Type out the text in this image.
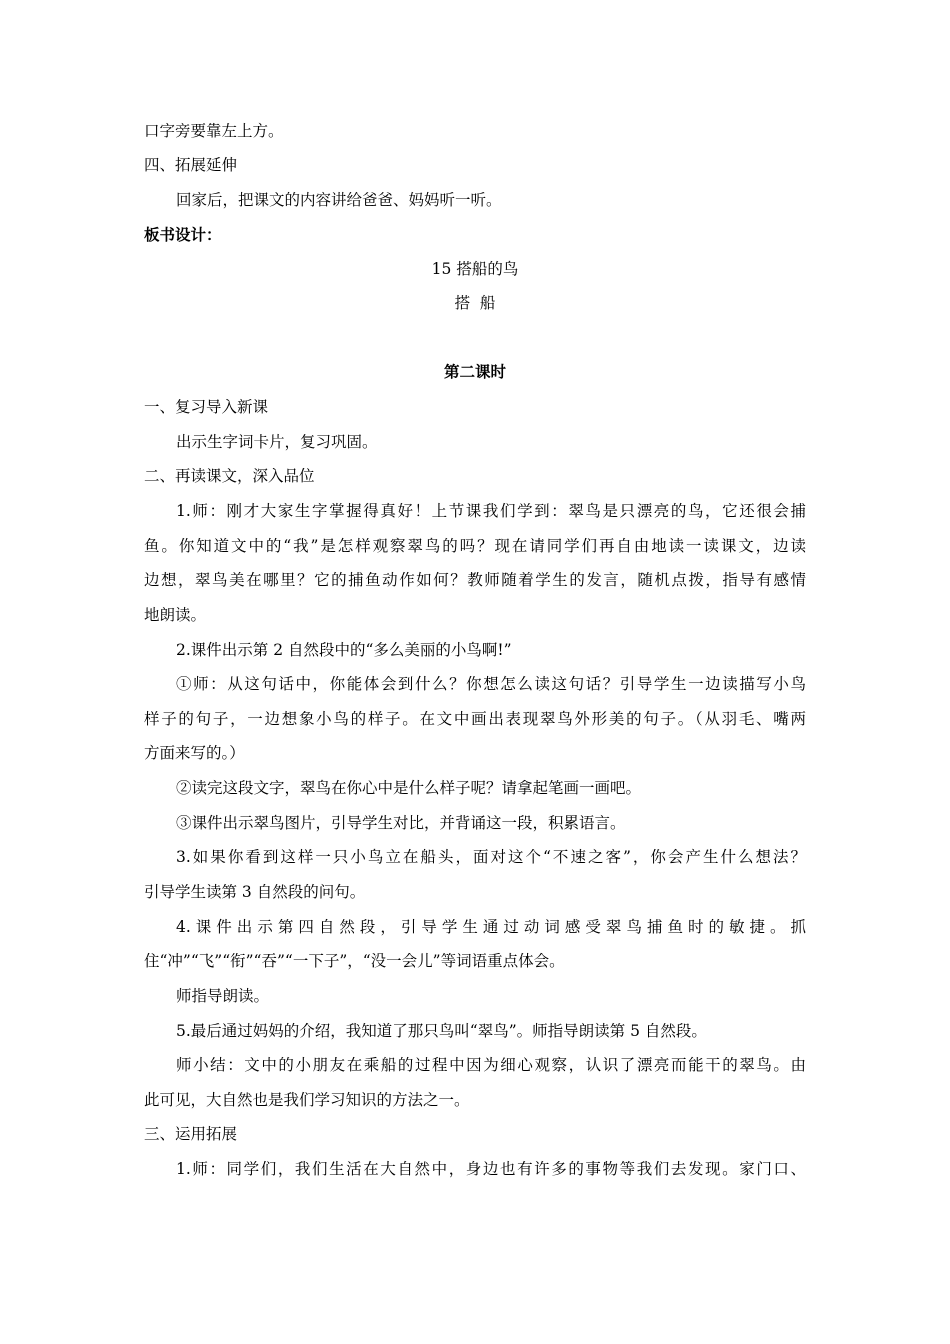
口字旁要靠左上方。
四、拓展延伸
回家后，把课文的内容讲给爸爸、妈妈听一听。
板书设计：
15 搭船的鸟
搭  船
第二课时
一、复习导入新课
出示生字词卡片，复习巩固。
二、再读课文，深入品位
1.师：刚才大家生字掌握得真好！上节课我们学到：翠鸟是只漂亮的鸟，它还很会捕
鱼。你知道文中的“我”是怎样观察翠鸟的吗？现在请同学们再自由地读一读课文，边读
边想，翠鸟美在哪里？它的捕鱼动作如何？教师随着学生的发言，随机点拨，指导有感情
地朗读。
2.课件出示第 2 自然段中的“多么美丽的小鸟啊!”
①师：从这句话中，你能体会到什么？你想怎么读这句话？引导学生一边读描写小鸟
样子的句子，一边想象小鸟的样子。在文中画出表现翠鸟外形美的句子。（从羽毛、嘴两
方面来写的。）
②读完这段文字，翠鸟在你心中是什么样子呢？请拿起笔画一画吧。
③课件出示翠鸟图片，引导学生对比，并背诵这一段，积累语言。
3.如果你看到这样一只小鸟立在船头，面对这个“不速之客”，你会产生什么想法？
引导学生读第 3 自然段的问句。
4.课件出示第四自然段，引导学生通过动词感受翠鸟捕鱼时的敏捷。抓
住“冲”“飞”“衔”“吞”“一下子”，“没一会儿”等词语重点体会。
师指导朗读。
5.最后通过妈妈的介绍，我知道了那只鸟叫“翠鸟”。师指导朗读第 5 自然段。
师小结：文中的小朋友在乘船的过程中因为细心观察，认识了漂亮而能干的翠鸟。由
此可见，大自然也是我们学习知识的方法之一。
三、运用拓展
1.师：同学们，我们生活在大自然中，身边也有许多的事物等我们去发现。家门口、
